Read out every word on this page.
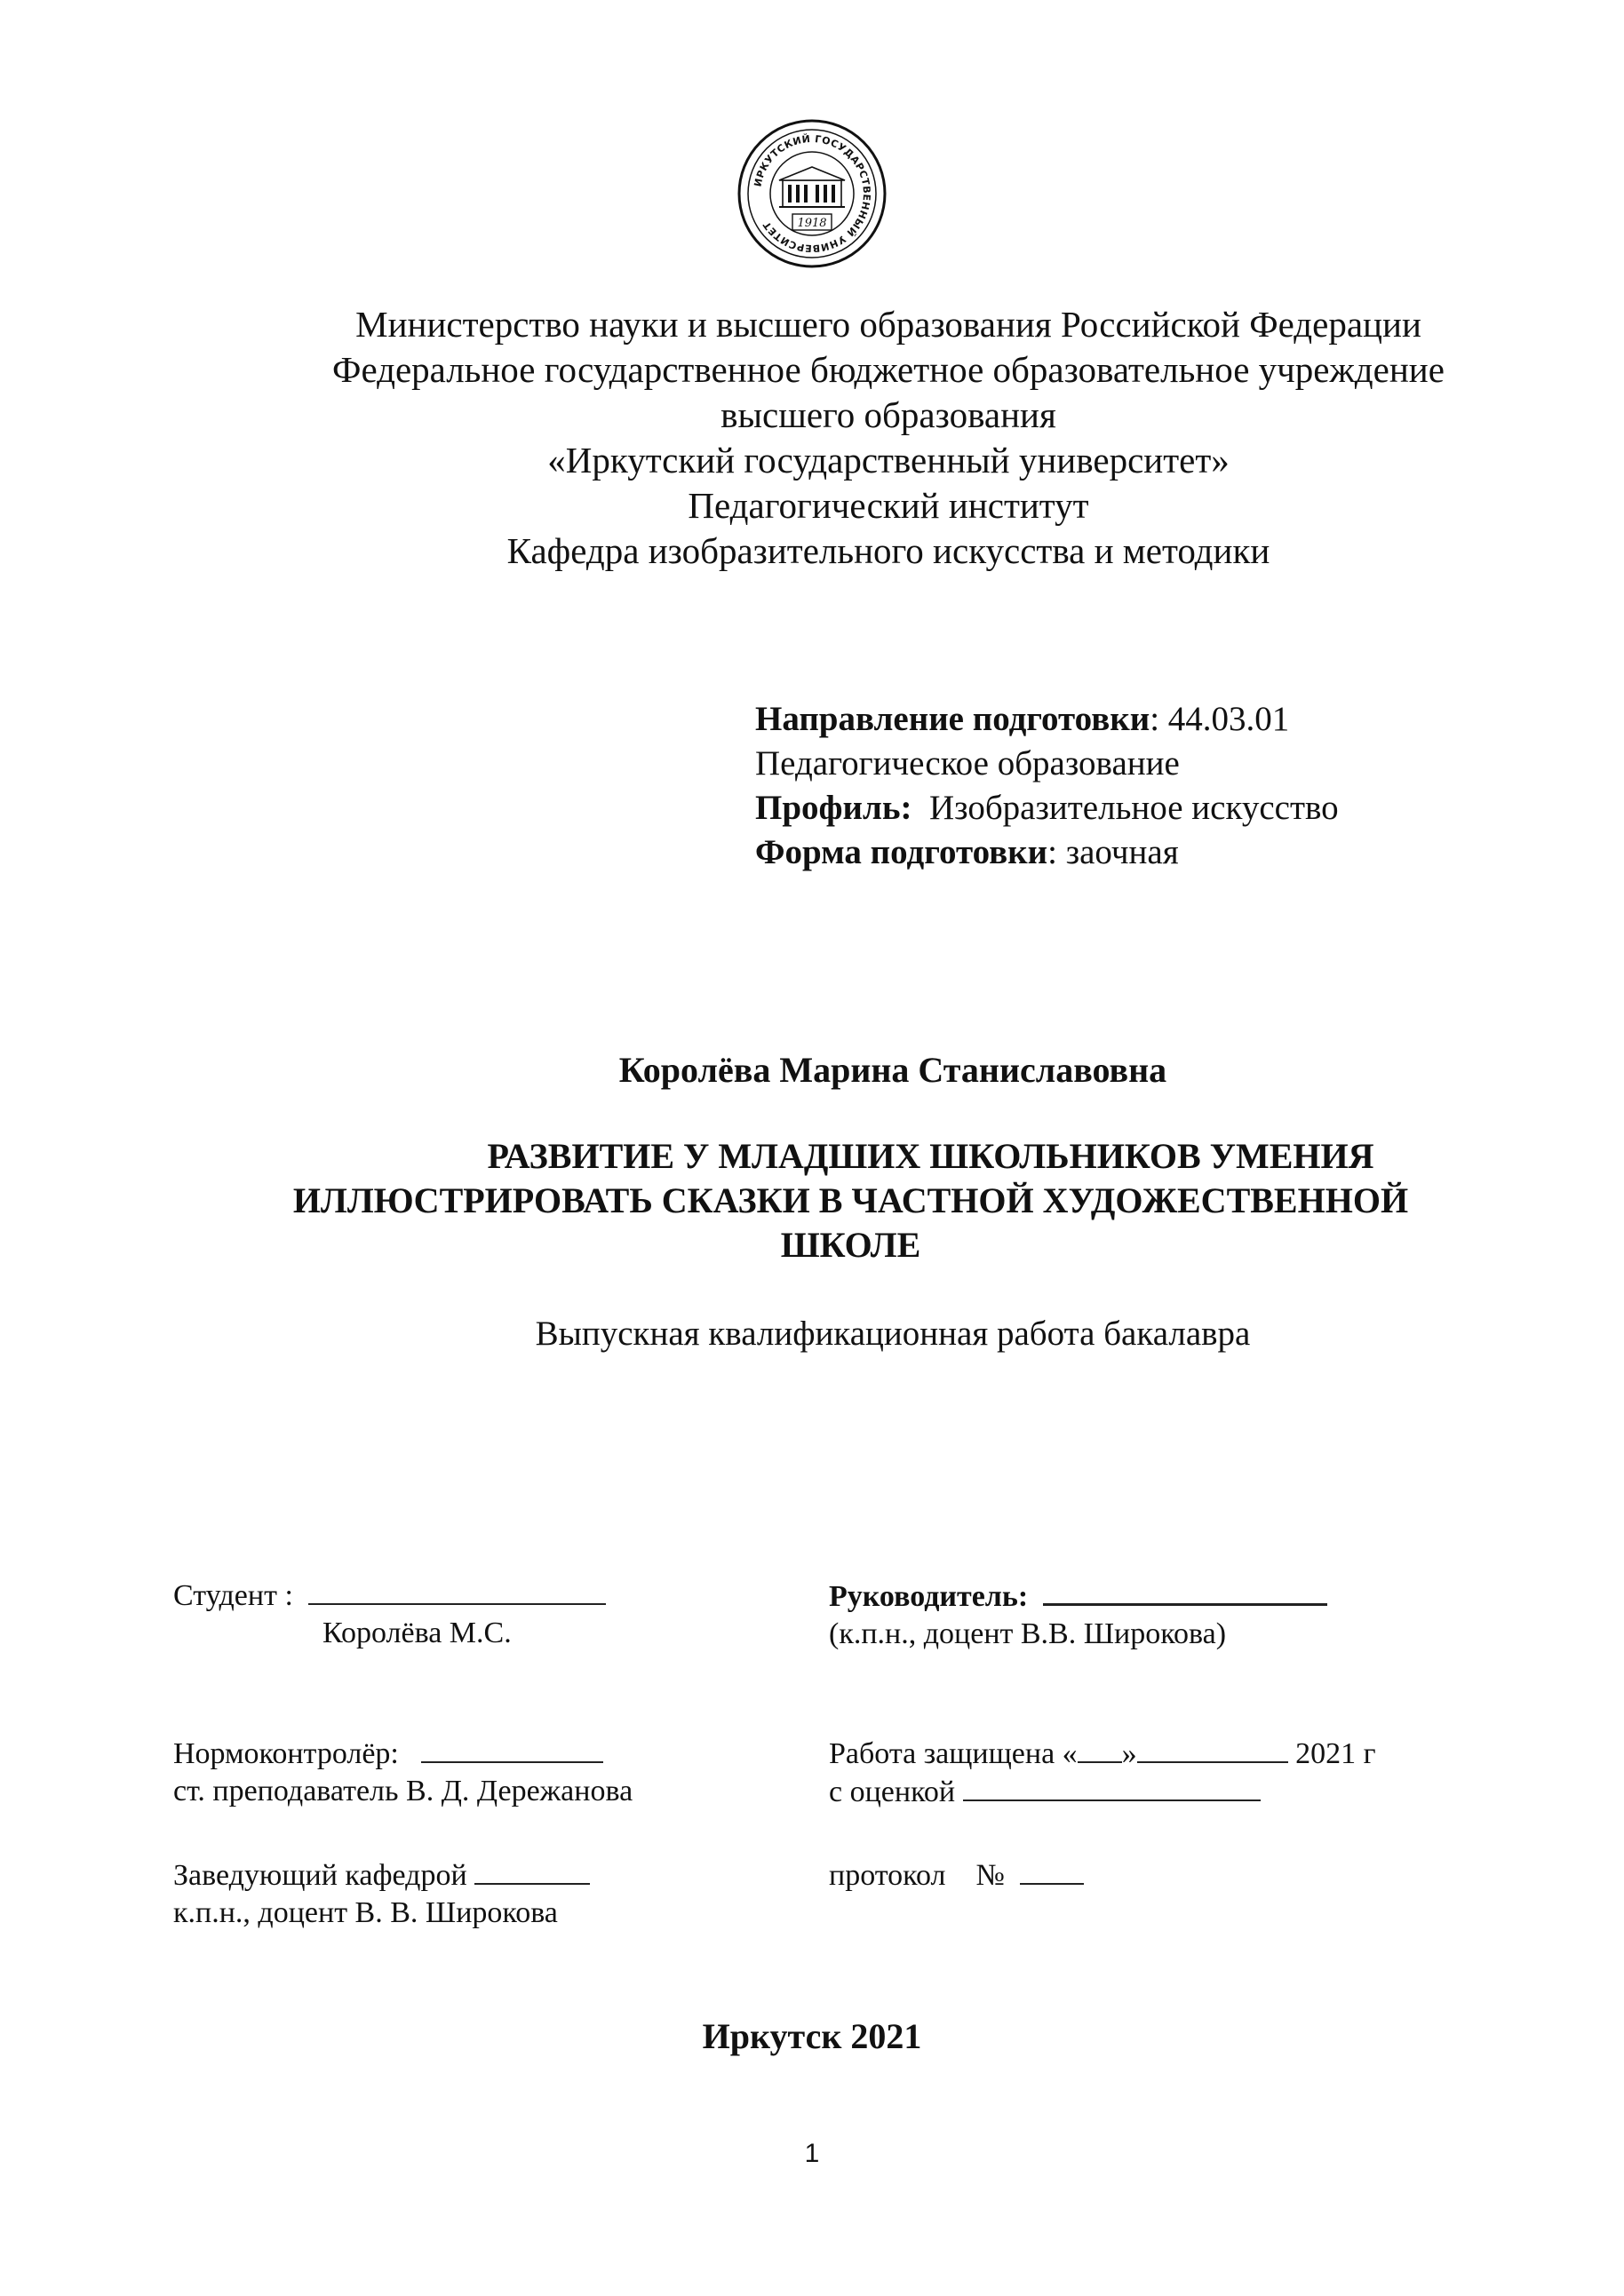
ИРКУТСКИЙ ГОСУДАРСТВЕННЫЙ УНИВЕРСИТЕТ	1918
Министерство науки и высшего образования Российской Федерации
Федеральное государственное бюджетное образовательное учреждение
высшего образования
«Иркутский государственный университет»
Педагогический институт
Кафедра изобразительного искусства и методики
Направление подготовки: 44.03.01
Педагогическое образование
Профиль: Изобразительное искусство
Форма подготовки: заочная
Королёва Марина Станиславовна
РАЗВИТИЕ У МЛАДШИХ ШКОЛЬНИКОВ УМЕНИЯ
ИЛЛЮСТРИРОВАТЬ СКАЗКИ В ЧАСТНОЙ ХУДОЖЕСТВЕННОЙ
ШКОЛЕ
Выпускная квалификационная работа бакалавра
Студент :
Королёва М.С.
Руководитель:
(к.п.н., доцент В.В. Широкова)
Нормоконтролёр:
ст. преподаватель В. Д. Дережанова
Работа защищена « »	2021 г
с оценкой
Заведующий кафедрой
к.п.н., доцент В. В. Широкова
протокол №
Иркутск 2021
1
